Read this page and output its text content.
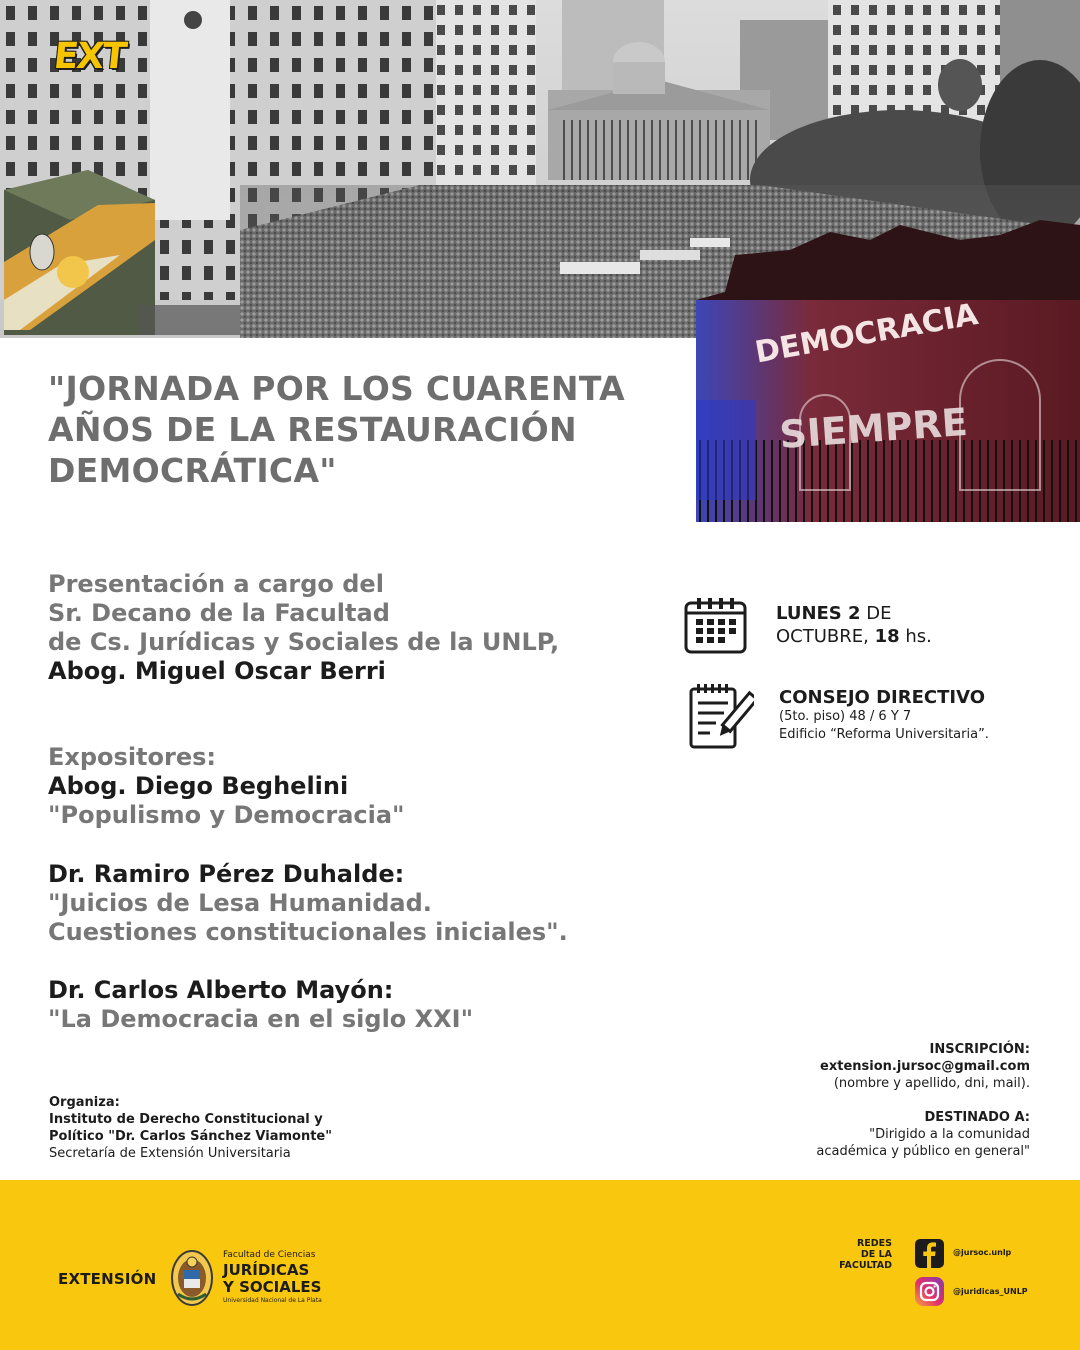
DEMOCRACIA
SIEMPRE
EXT
"JORNADA POR LOS CUARENTA
AÑOS DE LA RESTAURACIÓN
DEMOCRÁTICA"
Presentación a cargo del
Sr. Decano de la Facultad
de Cs. Jurídicas y Sociales de la UNLP,
Abog. Miguel Oscar Berri
Expositores:
Abog. Diego Beghelini
"Populismo y Democracia"
Dr. Ramiro Pérez Duhalde:
"Juicios de Lesa Humanidad.
Cuestiones constitucionales iniciales".
Dr. Carlos Alberto Mayón:
"La Democracia en el siglo XXI"
LUNES 2 DE
OCTUBRE, 18 hs.
CONSEJO DIRECTIVO
(5to. piso) 48 / 6 Y 7
Edificio “Reforma Universitaria”.
INSCRIPCIÓN:
extension.jursoc@gmail.com
(nombre y apellido, dni, mail).
DESTINADO A:
"Dirigido a la comunidad
académica y público en general"
Organiza:
Instituto de Derecho Constitucional y
Político "Dr. Carlos Sánchez Viamonte"
Secretaría de Extensión Universitaria
EXTENSIÓN
Facultad de Ciencias
JURÍDICAS
Y SOCIALES
Universidad Nacional de La Plata
REDES
DE LA
FACULTAD
@jursoc.unlp
@juridicas_UNLP
